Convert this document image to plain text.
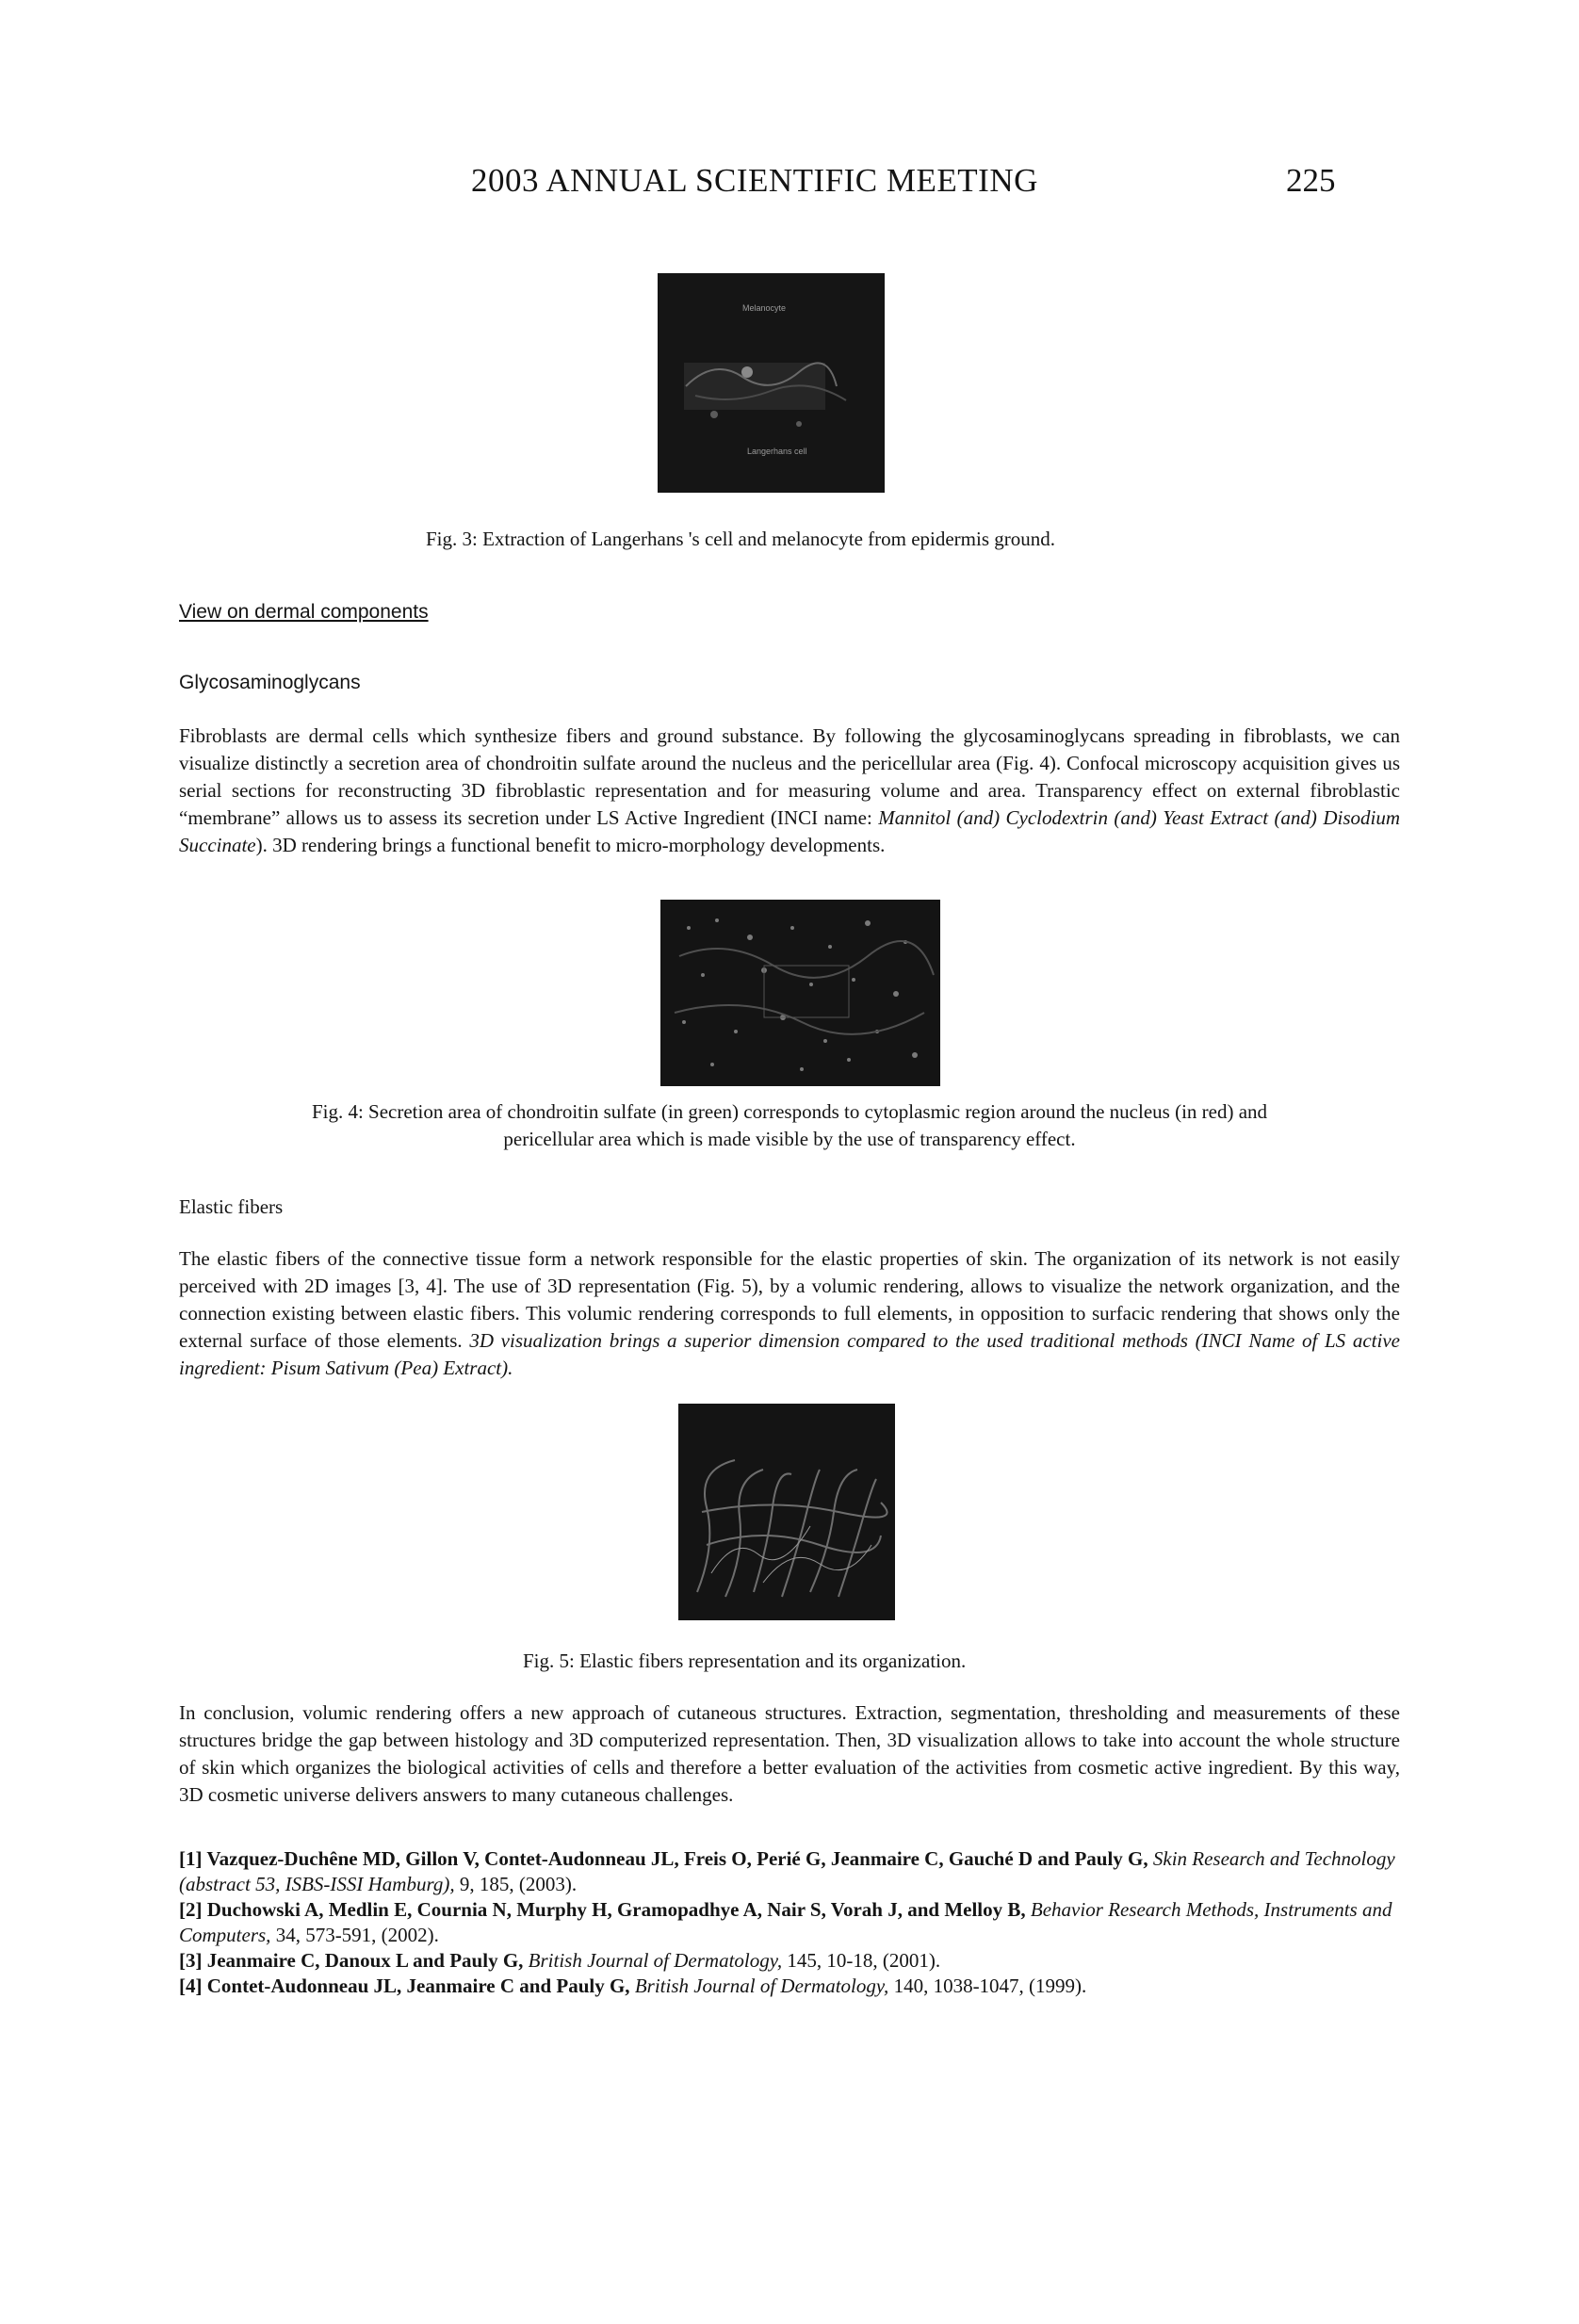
2003 ANNUAL SCIENTIFIC MEETING	225
Melanocyte
Langerhans cell
Fig. 3: Extraction of Langerhans 's cell and melanocyte from epidermis ground.
View on dermal components
Glycosaminoglycans
Fibroblasts are dermal cells which synthesize fibers and ground substance. By following the glycosaminoglycans spreading in fibroblasts, we can visualize distinctly a secretion area of chondroitin sulfate around the nucleus and the pericellular area (Fig. 4). Confocal microscopy acquisition gives us serial sections for reconstructing 3D fibroblastic representation and for measuring volume and area. Transparency effect on external fibroblastic “membrane” allows us to assess its secretion under LS Active Ingredient (INCI name: Mannitol (and) Cyclodextrin (and) Yeast Extract (and) Disodium Succinate). 3D rendering brings a functional benefit to micro-morphology developments.
Fig. 4: Secretion area of chondroitin sulfate (in green) corresponds to cytoplasmic region around the nucleus (in red) and
pericellular area which is made visible by the use of transparency effect.
Elastic fibers
The elastic fibers of the connective tissue form a network responsible for the elastic properties of skin. The organization of its network is not easily perceived with 2D images [3, 4]. The use of 3D representation (Fig. 5), by a volumic rendering, allows to visualize the network organization, and the connection existing between elastic fibers. This volumic rendering corresponds to full elements, in opposition to surfacic rendering that shows only the external surface of those elements. 3D visualization brings a superior dimension compared to the used traditional methods (INCI Name of LS active ingredient: Pisum Sativum (Pea) Extract).
Fig. 5: Elastic fibers representation and its organization.
In conclusion, volumic rendering offers a new approach of cutaneous structures. Extraction, segmentation, thresholding and measurements of these structures bridge the gap between histology and 3D computerized representation. Then, 3D visualization allows to take into account the whole structure of skin which organizes the biological activities of cells and therefore a better evaluation of the activities from cosmetic active ingredient. By this way, 3D cosmetic universe delivers answers to many cutaneous challenges.

[1] Vazquez-Duchêne MD, Gillon V, Contet-Audonneau JL, Freis O, Perié G, Jeanmaire C, Gauché D and Pauly G, Skin Research and Technology (abstract 53, ISBS-ISSI Hamburg), 9, 185, (2003).

[2] Duchowski A, Medlin E, Cournia N, Murphy H, Gramopadhye A, Nair S, Vorah J, and Melloy B, Behavior Research Methods, Instruments and Computers, 34, 573-591, (2002).

[3] Jeanmaire C, Danoux L and Pauly G, British Journal of Dermatology, 145, 10-18, (2001).

[4] Contet-Audonneau JL, Jeanmaire C and Pauly G, British Journal of Dermatology, 140, 1038-1047, (1999).
